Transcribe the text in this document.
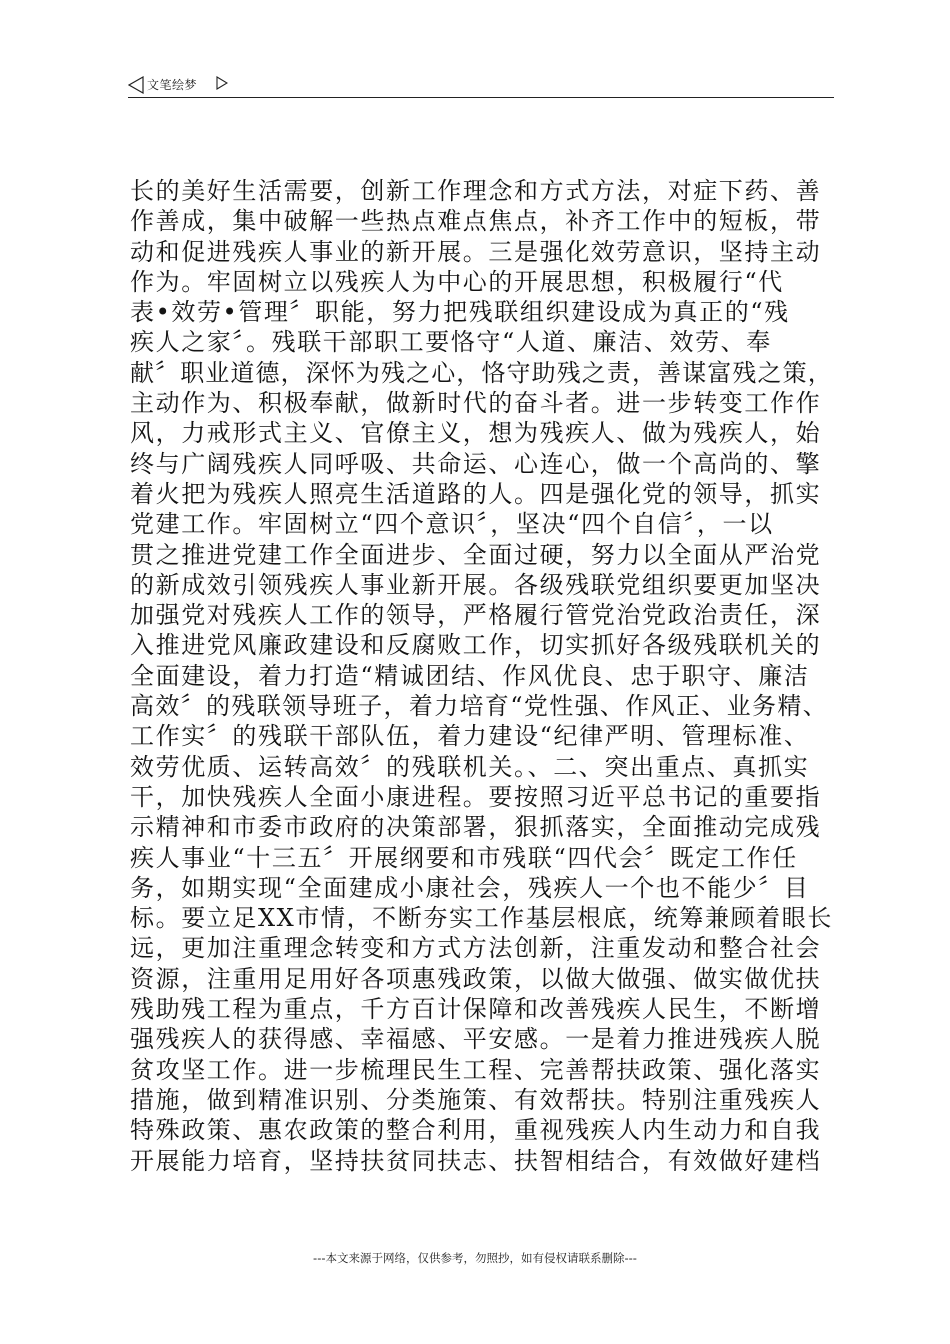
文笔绘梦
长的美好生活需要，创新工作理念和方式方法，对症下药、善
作善成，集中破解一些热点难点焦点，补齐工作中的短板，带
动和促进残疾人事业的新开展。三是强化效劳意识，坚持主动
作为。牢固树立以残疾人为中心的开展思想，积极履行“代
表•效劳•管理〞职能，努力把残联组织建设成为真正的“残
疾人之家〞。残联干部职工要恪守“人道、廉洁、效劳、奉
献〞职业道德，深怀为残之心，恪守助残之责，善谋富残之策，
主动作为、积极奉献，做新时代的奋斗者。进一步转变工作作
风，力戒形式主义、官僚主义，想为残疾人、做为残疾人，始
终与广阔残疾人同呼吸、共命运、心连心，做一个高尚的、擎
着火把为残疾人照亮生活道路的人。四是强化党的领导，抓实
党建工作。牢固树立“四个意识〞，坚决“四个自信〞，一以
贯之推进党建工作全面进步、全面过硬，努力以全面从严治党
的新成效引领残疾人事业新开展。各级残联党组织要更加坚决
加强党对残疾人工作的领导，严格履行管党治党政治责任，深
入推进党风廉政建设和反腐败工作，切实抓好各级残联机关的
全面建设，着力打造“精诚团结、作风优良、忠于职守、廉洁
高效〞的残联领导班子，着力培育“党性强、作风正、业务精、
工作实〞的残联干部队伍，着力建设“纪律严明、管理标准、
效劳优质、运转高效〞的残联机关。、二、突出重点、真抓实
干，加快残疾人全面小康进程。要按照习近平总书记的重要指
示精神和市委市政府的决策部署，狠抓落实，全面推动完成残
疾人事业“十三五〞开展纲要和市残联“四代会〞既定工作任
务，如期实现“全面建成小康社会，残疾人一个也不能少〞目
标。要立足XX市情，不断夯实工作基层根底，统筹兼顾着眼长
远，更加注重理念转变和方式方法创新，注重发动和整合社会
资源，注重用足用好各项惠残政策，以做大做强、做实做优扶
残助残工程为重点，千方百计保障和改善残疾人民生，不断增
强残疾人的获得感、幸福感、平安感。一是着力推进残疾人脱
贫攻坚工作。进一步梳理民生工程、完善帮扶政策、强化落实
措施，做到精准识别、分类施策、有效帮扶。特别注重残疾人
特殊政策、惠农政策的整合利用，重视残疾人内生动力和自我
开展能力培育，坚持扶贫同扶志、扶智相结合，有效做好建档
---本文来源于网络，仅供参考，勿照抄，如有侵权请联系删除---
